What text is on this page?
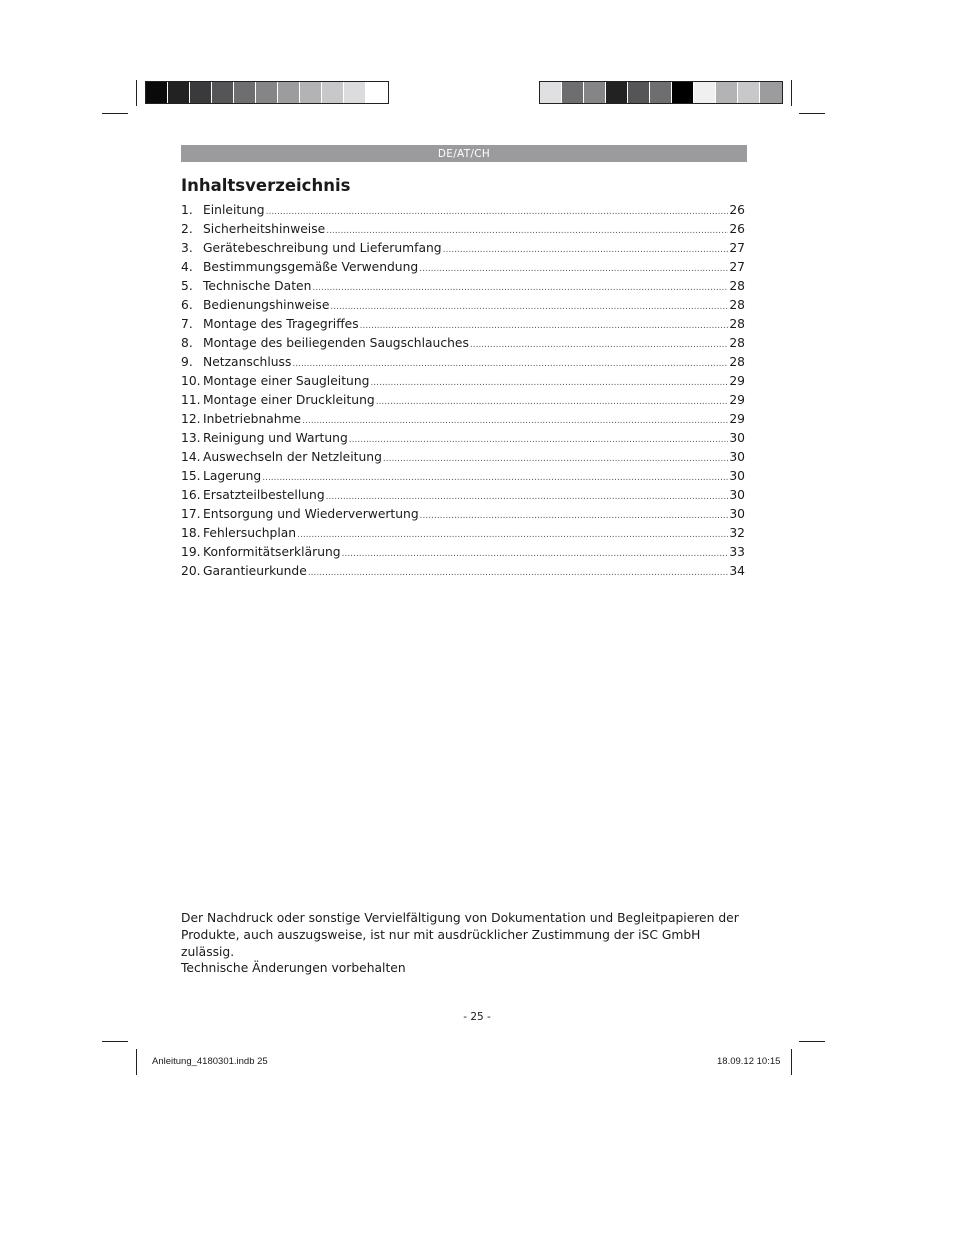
DE/AT/CH
Inhaltsverzeichnis
1. Einleitung .....	26
2. Sicherheitshinweise .....	26
3. Gerätebeschreibung und Lieferumfang .....	27
4. Bestimmungsgemäße Verwendung .....	27
5. Technische Daten .....	28
6. Bedienungshinweise .....	28
7. Montage des Tragegriffes .....	28
8. Montage des beiliegenden Saugschlauches .....	28
9. Netzanschluss .....	28
10. Montage einer Saugleitung .....	29
11. Montage einer Druckleitung .....	29
12. Inbetriebnahme .....	29
13. Reinigung und Wartung .....	30
14. Auswechseln der Netzleitung .....	30
15. Lagerung .....	30
16. Ersatzteilbestellung .....	30
17. Entsorgung und Wiederverwertung .....	30
18. Fehlersuchplan .....	32
19. Konformitätserklärung .....	33
20. Garantieurkunde .....	34

Der Nachdruck oder sonstige Vervielfältigung von Dokumentation und Begleitpapieren der Produkte, auch auszugsweise, ist nur mit ausdrücklicher Zustimmung der iSC GmbH zulässig.

Technische Änderungen vorbehalten

- 25 -
Anleitung_4180301.indb 25	18.09.12 10:15
